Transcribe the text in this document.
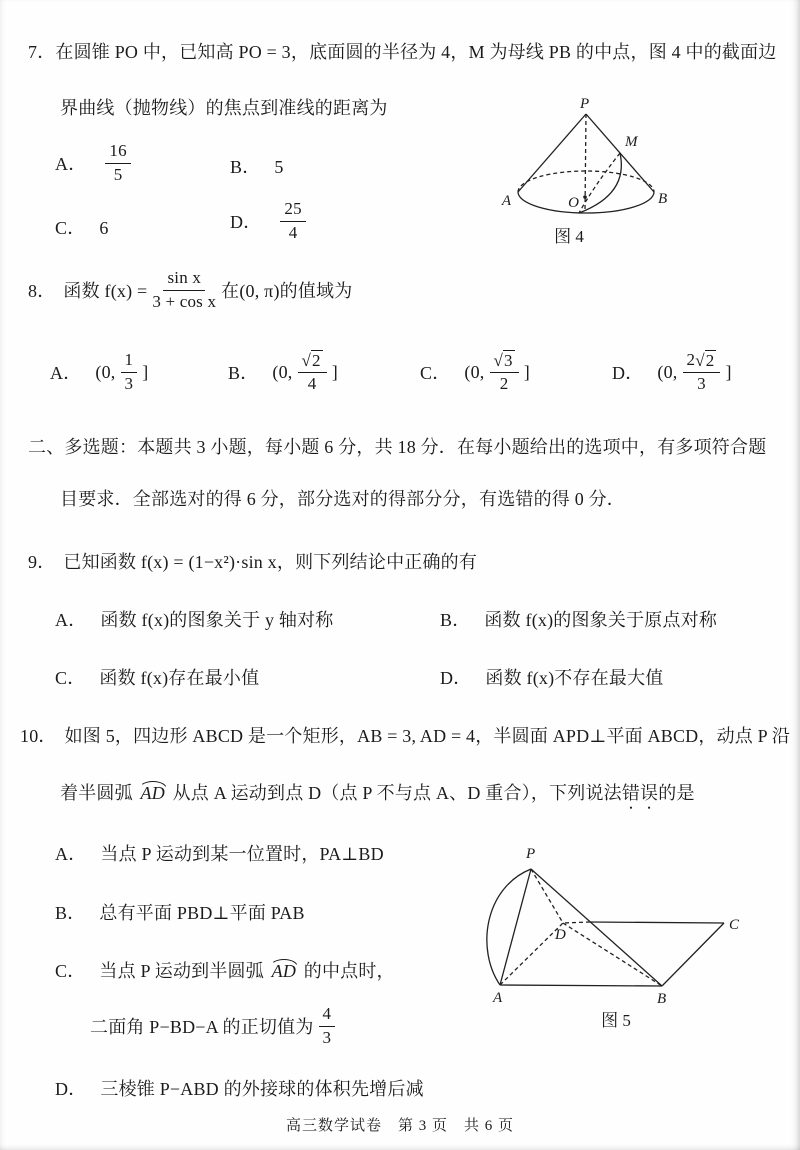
7．在圆锥 PO 中，已知高 PO = 3，底面圆的半径为 4，M 为母线 PB 的中点，图 4 中的截面边
界曲线（抛物线）的焦点到准线的距离为	P
M
O
A	B
图 4
A． $\frac{16}{5}$	B． 5
C． 6	D． $\frac{25}{4}$
8． 函数 $f(x) = \frac{\text{sin x}}{\text{3 + cos x}}$ 在(0, π)的值域为
A． (0, $\frac{1}{3}$ ]	B． (0, $\frac{√ 2}{4}$ ]	C． (0, $\frac{√ 3}{2}$ ]	D． (0, $\frac{2 √ 2}{3}$ ]
二、多选题：本题共 3 小题，每小题 6 分，共 18 分．在每小题给出的选项中，有多项符合题
目要求．全部选对的得 6 分，部分选对的得部分分，有选错的得 0 分．
9． 已知函数 f(x) = (1−x²)·sin x，则下列结论中正确的有
A． 函数 f(x)的图象关于 y 轴对称	B． 函数 f(x)的图象关于原点对称
C． 函数 f(x)存在最小值	D． 函数 f(x)不存在最大值
10． 如图 5，四边形 ABCD 是一个矩形，AB = 3, AD = 4，半圆面 APD⊥平面 ABCD，动点 P 沿
着半圆弧 AD 从点 A 运动到点 D（点 P 不与点 A、D 重合），下列说法错误的是
A． 当点 P 运动到某一位置时，PA⊥BD
B． 总有平面 PBD⊥平面 PAB
C． 当点 P 运动到半圆弧 AD 的中点时，
二面角 P−BD−A 的正切值为 $\frac{4}{3}$
D． 三棱锥 P−ABD 的外接球的体积先增后减
P
A	B
C
D
图 5
高三数学试卷　第 3 页　共 6 页
